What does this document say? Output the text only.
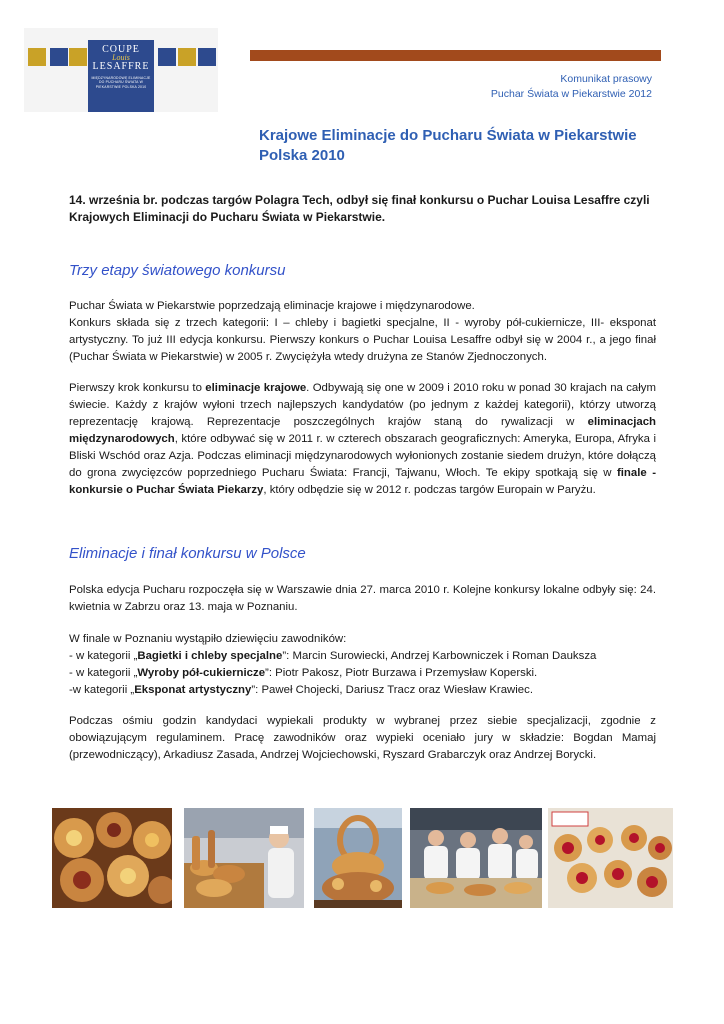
COUPE
Louis
LESAFFRE
MIĘDZYNARODOWE ELIMINACJE DO PUCHARU ŚWIATA W PIEKARSTWIE POLSKA 2010
Komunikat prasowy
Puchar Świata w Piekarstwie 2012
Krajowe Eliminacje do Pucharu Świata w Piekarstwie Polska 2010
14. września br. podczas targów Polagra Tech, odbył się finał konkursu o Puchar Louisa Lesaffre czyli Krajowych Eliminacji do Pucharu Świata w Piekarstwie.
Trzy etapy światowego konkursu
Puchar Świata w Piekarstwie poprzedzają eliminacje krajowe i międzynarodowe.
Konkurs składa się z trzech kategorii: I – chleby i bagietki specjalne, II - wyroby pół-cukiernicze, III- eksponat artystyczny. To już III edycja konkursu. Pierwszy konkurs o Puchar Louisa Lesaffre odbył się w 2004 r., a jego finał (Puchar Świata w Piekarstwie) w 2005 r. Zwyciężyła wtedy drużyna ze Stanów Zjednoczonych.
Pierwszy krok konkursu to eliminacje krajowe. Odbywają się one w 2009 i 2010 roku w ponad 30 krajach na całym świecie. Każdy z krajów wyłoni trzech najlepszych kandydatów (po jednym z każdej kategorii), którzy utworzą reprezentację krajową. Reprezentacje poszczególnych krajów staną do rywalizacji w eliminacjach międzynarodowych, które odbywać się w 2011 r. w czterech obszarach geograficznych: Ameryka, Europa, Afryka i Bliski Wschód oraz Azja. Podczas eliminacji międzynarodowych wyłonionych zostanie siedem drużyn, które dołączą do grona zwycięzców poprzedniego Pucharu Świata: Francji, Tajwanu, Włoch. Te ekipy spotkają się w finale - konkursie o Puchar Świata Piekarzy, który odbędzie się w 2012 r. podczas targów Europain w Paryżu.
Eliminacje i finał konkursu w Polsce
Polska edycja Pucharu rozpoczęła się w Warszawie dnia 27. marca 2010 r. Kolejne konkursy lokalne odbyły się: 24. kwietnia w Zabrzu oraz 13. maja w Poznaniu.
W finale w Poznaniu wystąpiło dziewięciu zawodników:
- w kategorii „Bagietki i chleby specjalne”: Marcin Surowiecki, Andrzej Karbowniczek i Roman Dauksza
- w kategorii „Wyroby pół-cukiernicze”: Piotr Pakosz, Piotr Burzawa i Przemysław Koperski.
-w kategorii „Eksponat artystyczny”: Paweł Chojecki, Dariusz Tracz oraz Wiesław Krawiec.
Podczas ośmiu godzin kandydaci wypiekali produkty w wybranej przez siebie specjalizacji, zgodnie z obowiązującym regulaminem. Pracę zawodników oraz wypieki oceniało jury w składzie: Bogdan Mamaj (przewodniczący), Arkadiusz Zasada, Andrzej Wojciechowski, Ryszard Grabarczyk oraz Andrzej Borycki.
